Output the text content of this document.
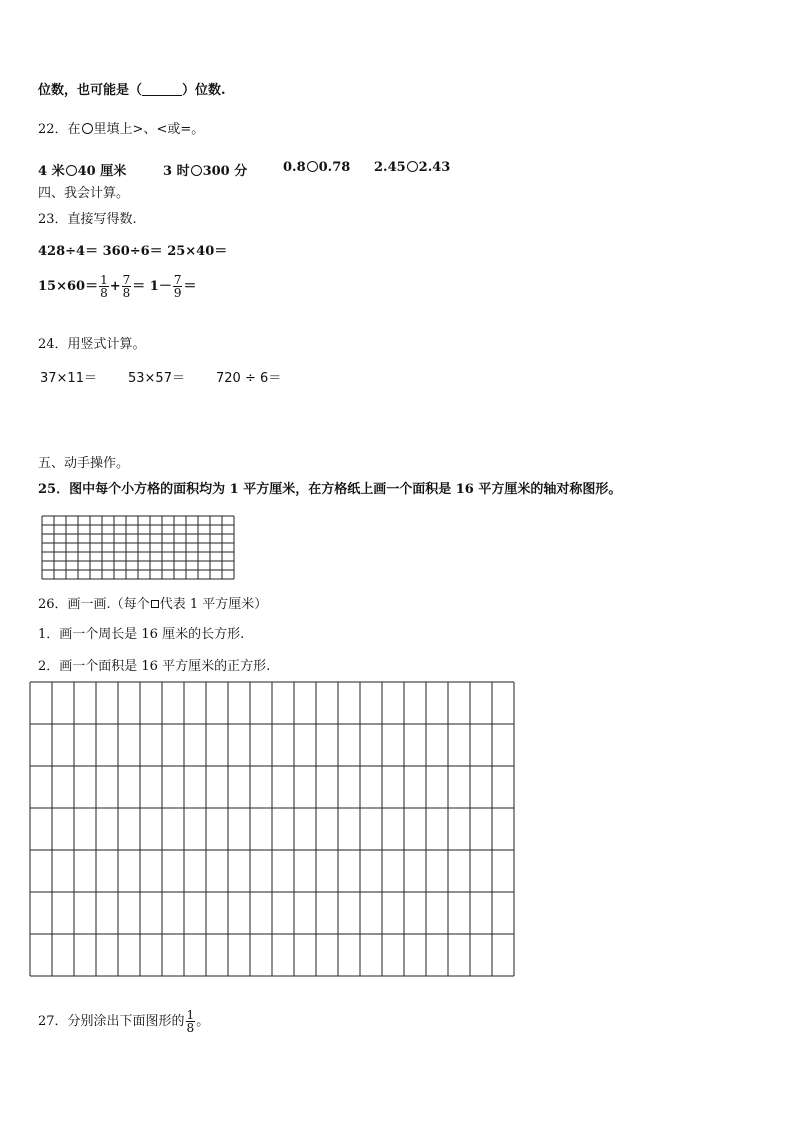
位数，也可能是（	）位数.
22．在 里填上>、<或=。
4 米 40 厘米	3 时 300 分	0.8 0.78 2.45 2.43
四、我会计算。
23．直接写得数.
428÷4＝ 360÷6＝ 25×40＝
$15\times 60= \frac{1}{8} + \frac{7}{8} = 1- \frac{7}{9}$ ＝
24．用竖式计算。
37×11＝ 53×57＝ 720 ÷ 6＝
五、动手操作。
25．图中每个小方格的面积均为 1 平方厘米，在方格纸上画一个面积是 16 平方厘米的轴对称图形。
26．画一画.（每个 代表 1 平方厘米）
1．画一个周长是 16 厘米的长方形.
2．画一个面积是 16 平方厘米的正方形.
27．分别涂出下面图形的 $\frac{1}{8}$ 。
